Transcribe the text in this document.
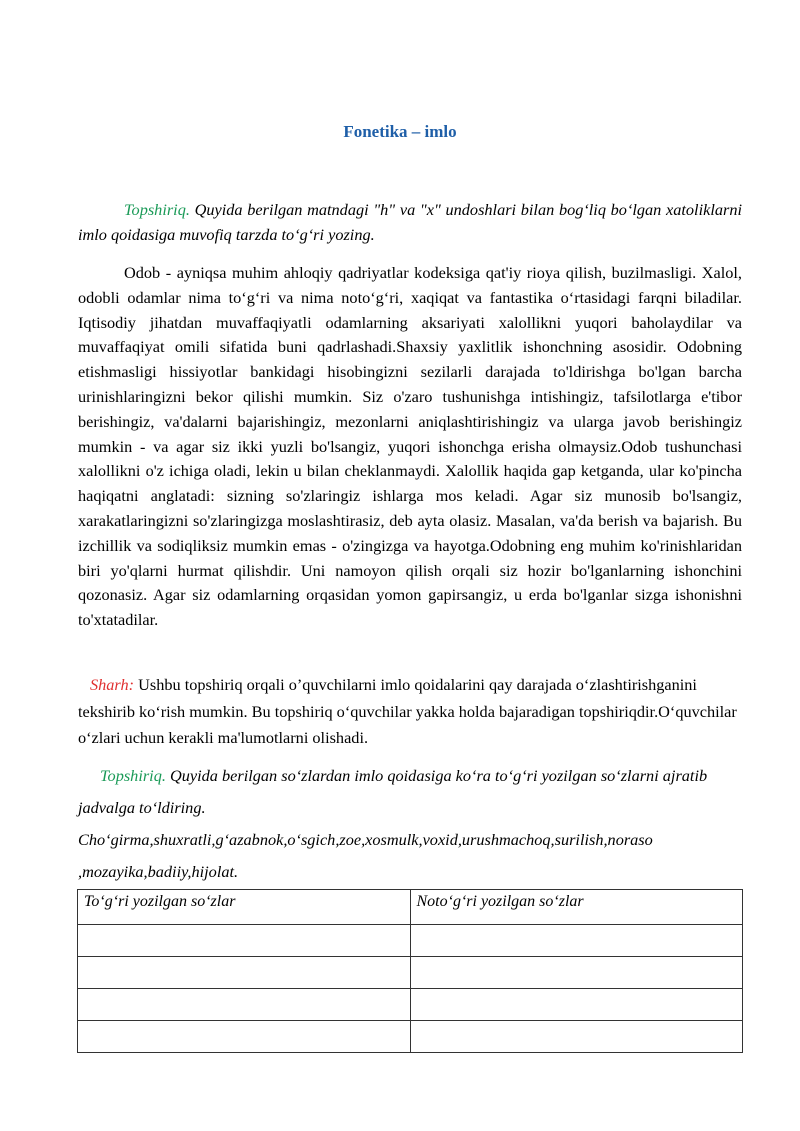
Fonetika – imlo
Topshiriq. Quyida berilgan matndagi "h" va "x" undoshlari bilan bog‘liq bo‘lgan xatoliklarni imlo qoidasiga muvofiq tarzda to‘g‘ri yozing.
Odob - ayniqsa muhim ahloqiy qadriyatlar kodeksiga qat'iy rioya qilish, buzilmasligi. Xalol, odobli odamlar nima to‘g‘ri va nima noto‘g‘ri, xaqiqat va fantastika o‘rtasidagi farqni biladilar. Iqtisodiy jihatdan muvaffaqiyatli odamlarning aksariyati xalollikni yuqori baholaydilar va muvaffaqiyat omili sifatida buni qadrlashadi.Shaxsiy yaxlitlik ishonchning asosidir. Odobning etishmasligi hissiyotlar bankidagi hisobingizni sezilarli darajada to'ldirishga bo'lgan barcha urinishlaringizni bekor qilishi mumkin. Siz o'zaro tushunishga intishingiz, tafsilotlarga e'tibor berishingiz, va'dalarni bajarishingiz, mezonlarni aniqlashtirishingiz va ularga javob berishingiz mumkin - va agar siz ikki yuzli bo'lsangiz, yuqori ishonchga erisha olmaysiz.Odob tushunchasi xalollikni o'z ichiga oladi, lekin u bilan cheklanmaydi. Xalollik haqida gap ketganda, ular ko'pincha haqiqatni anglatadi: sizning so'zlaringiz ishlarga mos keladi. Agar siz munosib bo'lsangiz, xarakatlaringizni so'zlaringizga moslashtirasiz, deb ayta olasiz. Masalan, va'da berish va bajarish. Bu izchillik va sodiqliksiz mumkin emas - o'zingizga va hayotga.Odobning eng muhim ko'rinishlaridan biri yo'qlarni hurmat qilishdir. Uni namoyon qilish orqali siz hozir bo'lganlarning ishonchini qozonasiz. Agar siz odamlarning orqasidan yomon gapirsangiz, u erda bo'lganlar sizga ishonishni to'xtatadilar.
Sharh: Ushbu topshiriq orqali o’quvchilarni imlo qoidalarini qay darajada o‘zlashtirishganini tekshirib ko‘rish mumkin. Bu topshiriq o‘quvchilar yakka holda bajaradigan topshiriqdir.O‘quvchilar o‘zlari uchun kerakli ma'lumotlarni olishadi.
Topshiriq. Quyida berilgan so‘zlardan imlo qoidasiga ko‘ra to‘g‘ri yozilgan so‘zlarni ajratib jadvalga to‘ldiring.
Cho‘girma,shuxratli,g‘azabnok,o‘sgich,zoe,xosmulk,voxid,urushmachoq,surilish,noraso
,mozayika,badiiy,hijolat.
To‘g‘ri yozilgan so‘zlar	Noto‘g‘ri yozilgan so‘zlar
